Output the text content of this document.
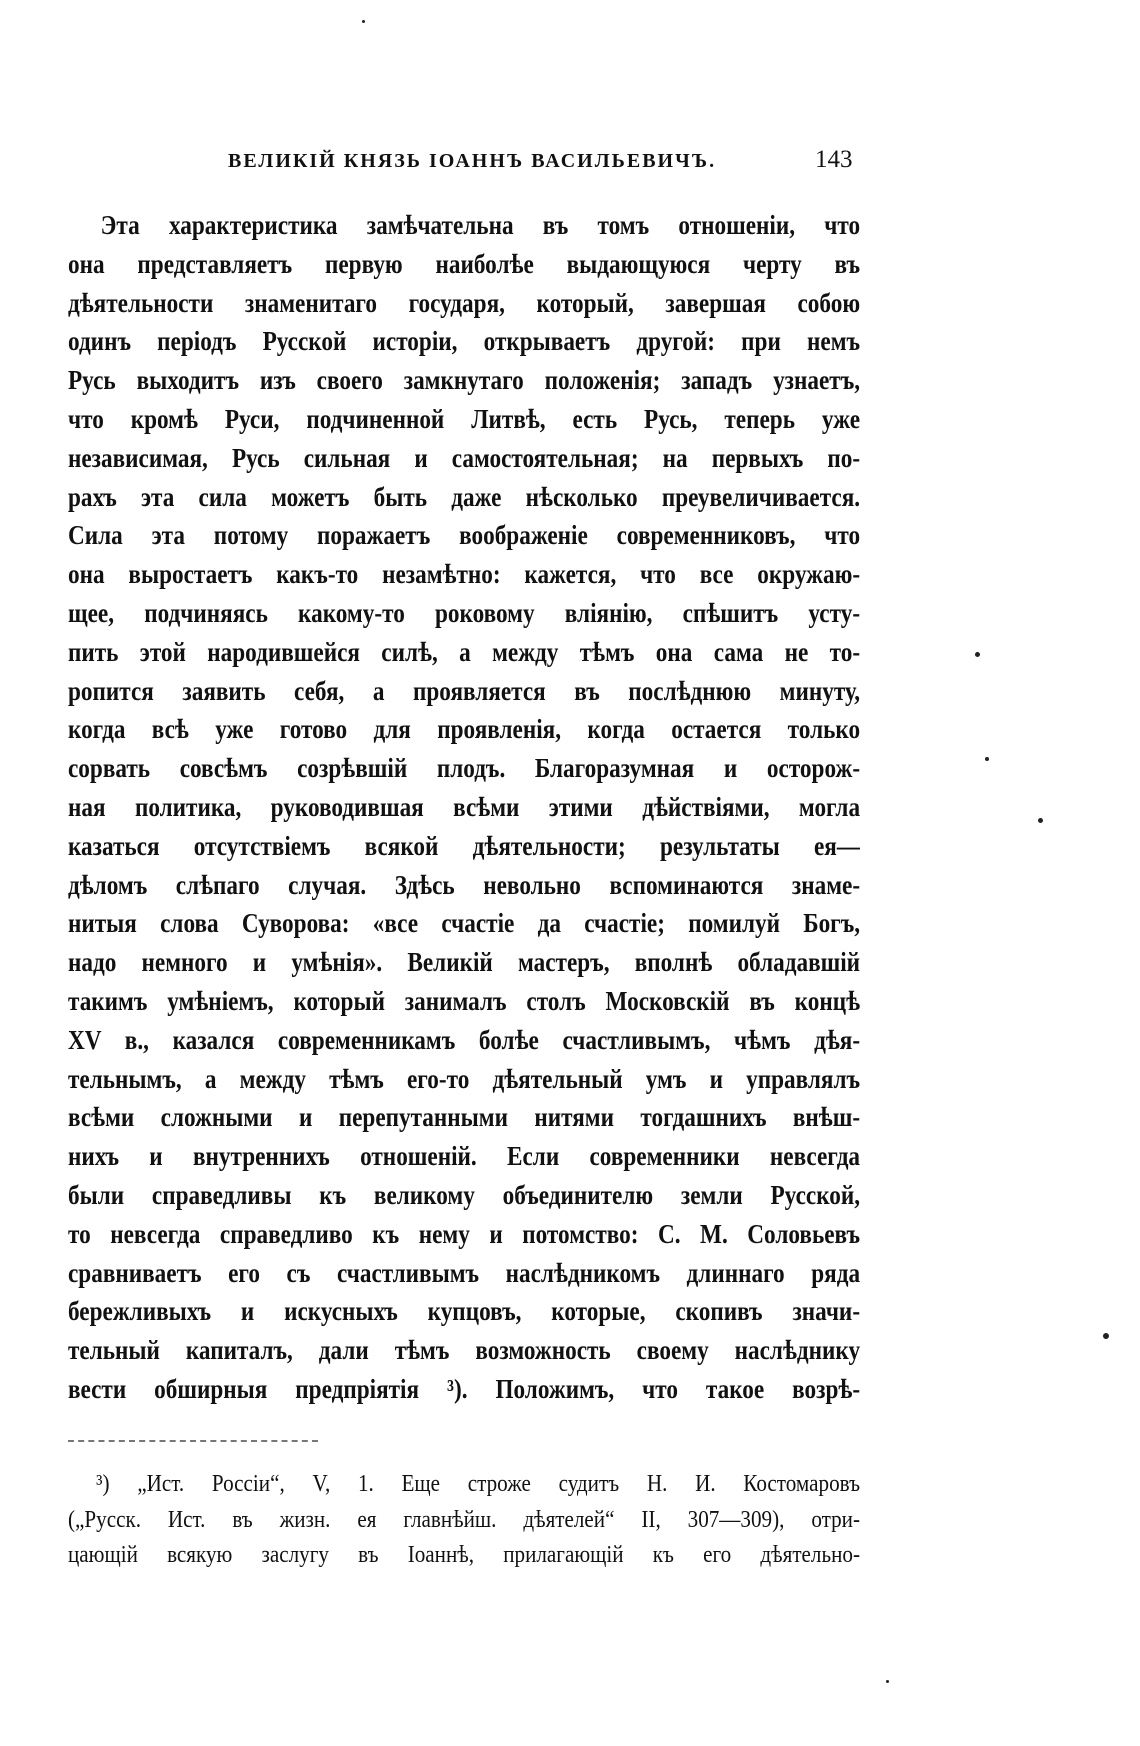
ВЕЛИКІЙ КНЯЗЬ ІОАННЪ ВАСИЛЬЕВИЧЪ.	143
Эта характеристика замѣчательна въ томъ отношеніи, что
она представляетъ первую наиболѣе выдающуюся черту въ
дѣятельности знаменитаго государя, который, завершая собою
одинъ періодъ Русской исторіи, открываетъ другой: при немъ
Русь выходитъ изъ своего замкнутаго положенія; западъ узнаетъ,
что кромѣ Руси, подчиненной Литвѣ, есть Русь, теперь уже
независимая, Русь сильная и самостоятельная; на первыхъ по-
рахъ эта сила можетъ быть даже нѣсколько преувеличивается.
Сила эта потому поражаетъ воображеніе современниковъ, что
она выростаетъ какъ-то незамѣтно: кажется, что все окружаю-
щее, подчиняясь какому-то роковому вліянію, спѣшитъ усту-
пить этой народившейся силѣ, а между тѣмъ она сама не то-
ропится заявить себя, а проявляется въ послѣднюю минуту,
когда всѣ уже готово для проявленія, когда остается только
сорвать совсѣмъ созрѣвшій плодъ. Благоразумная и осторож-
ная политика, руководившая всѣми этими дѣйствіями, могла
казаться отсутствіемъ всякой дѣятельности; результаты ея—
дѣломъ слѣпаго случая. Здѣсь невольно вспоминаются знаме-
нитыя слова Суворова: «все счастіе да счастіе; помилуй Богъ,
надо немного и умѣнія». Великій мастеръ, вполнѣ обладавшій
такимъ умѣніемъ, который занималъ столъ Московскій въ концѣ
XV в., казался современникамъ болѣе счастливымъ, чѣмъ дѣя-
тельнымъ, а между тѣмъ его-то дѣятельный умъ и управлялъ
всѣми сложными и перепутанными нитями тогдашнихъ внѣш-
нихъ и внутреннихъ отношеній. Если современники невсегда
были справедливы къ великому объединителю земли Русской,
то невсегда справедливо къ нему и потомство: С. М. Соловьевъ
сравниваетъ его съ счастливымъ наслѣдникомъ длиннаго ряда
бережливыхъ и искусныхъ купцовъ, которые, скопивъ значи-
тельный капиталъ, дали тѣмъ возможность своему наслѣднику
вести обширныя предпріятія ³). Положимъ, что такое возрѣ-
³) „Ист. Россіи“, V, 1. Еще строже судитъ Н. И. Костомаровъ
(„Русск. Ист. въ жизн. ея главнѣйш. дѣятелей“ II, 307—309), отри-
цающій всякую заслугу въ Іоаннѣ, прилагающій къ его дѣятельно-
